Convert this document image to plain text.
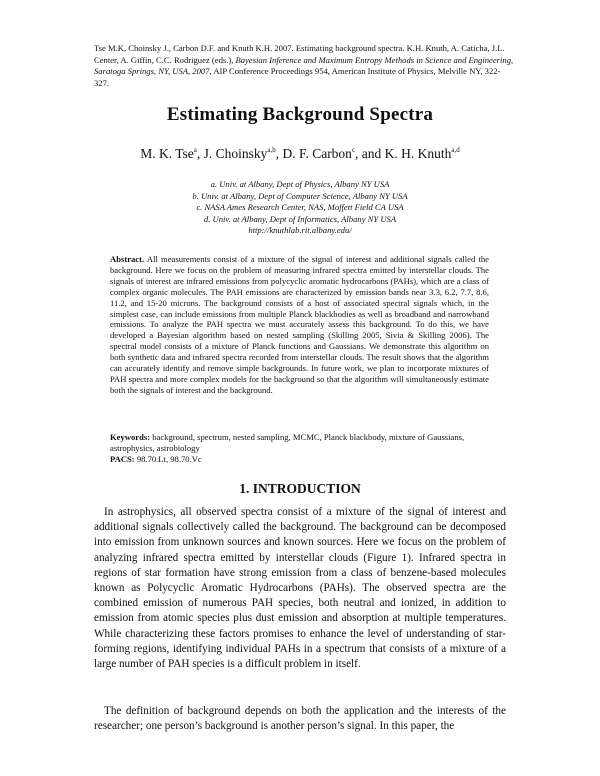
Tse M.K, Choinsky J., Carbon D.F. and Knuth K.H. 2007. Estimating background spectra. K.H. Knuth, A. Caticha, J.L. Center, A. Giffin, C.C. Rodriguez (eds.), Bayesian Inference and Maximum Entropy Methods in Science and Engineering, Saratoga Springs, NY, USA, 2007, AIP Conference Proceedings 954, American Institute of Physics, Melville NY, 322-327.
Estimating Background Spectra
M. K. Tse$^a$, J. Choinsky$^{a,b}$, D. F. Carbon$^c$, and K. H. Knuth$^{a,d}$
a. Univ. at Albany, Dept of Physics, Albany NY USA
b. Univ. at Albany, Dept of Computer Science, Albany NY USA
c. NASA Ames Research Center, NAS, Moffett Field CA USA
d. Univ. at Albany, Dept of Informatics, Albany NY USA
http://knuthlab.rit.albany.edu/
Abstract. All measurements consist of a mixture of the signal of interest and additional signals called the background. Here we focus on the problem of measuring infrared spectra emitted by interstellar clouds. The signals of interest are infrared emissions from polycyclic aromatic hydrocarbons (PAHs), which are a class of complex organic molecules. The PAH emissions are characterized by emission bands near 3.3, 6.2, 7.7, 8.6, 11.2, and 15-20 microns. The background consists of a host of associated spectral signals which, in the simplest case, can include emissions from multiple Planck blackbodies as well as broadband and narrowband emissions. To analyze the PAH spectra we must accurately assess this background. To do this, we have developed a Bayesian algorithm based on nested sampling (Skilling 2005, Sivia & Skilling 2006). The spectral model consists of a mixture of Planck functions and Gaussians. We demonstrate this algorithm on both synthetic data and infrared spectra recorded from interstellar clouds. The result shows that the algorithm can accurately identify and remove simple backgrounds. In future work, we plan to incorporate mixtures of PAH spectra and more complex models for the background so that the algorithm will simultaneously estimate both the signals of interest and the background.
Keywords: background, spectrum, nested sampling, MCMC, Planck blackbody, mixture of Gaussians, astrophysics, astrobiology
PACS: 98.70.Lt, 98.70.Vc
1. INTRODUCTION

In astrophysics, all observed spectra consist of a mixture of the signal of interest and additional signals collectively called the background. The background can be decomposed into emission from unknown sources and known sources. Here we focus on the problem of analyzing infrared spectra emitted by interstellar clouds (Figure 1). Infrared spectra in regions of star formation have strong emission from a class of benzene-based molecules known as Polycyclic Aromatic Hydrocarbons (PAHs). The observed spectra are the combined emission of numerous PAH species, both neutral and ionized, in addition to emission from atomic species plus dust emission and absorption at multiple temperatures. While characterizing these factors promises to enhance the level of understanding of star-forming regions, identifying individual PAHs in a spectrum that consists of a mixture of a large number of PAH species is a difficult problem in itself.

The definition of background depends on both the application and the interests of the researcher; one person’s background is another person’s signal. In this paper, the
